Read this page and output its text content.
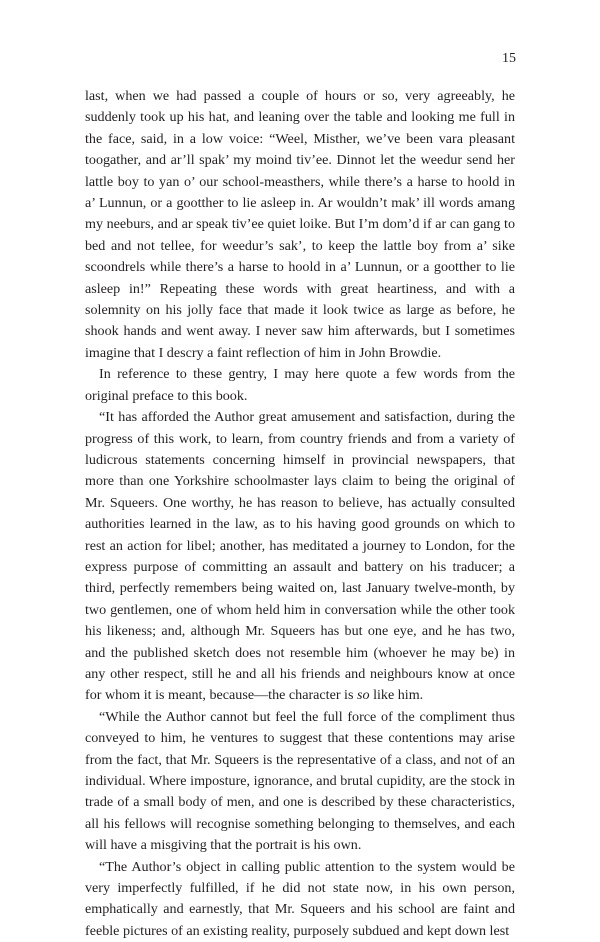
15

last, when we had passed a couple of hours or so, very agreeably, he suddenly took up his hat, and leaning over the table and looking me full in the face, said, in a low voice: “Weel, Misther, we’ve been vara pleasant toogather, and ar’ll spak’ my moind tiv’ee. Dinnot let the weedur send her lattle boy to yan o’ our school-measthers, while there’s a harse to hoold in a’ Lunnun, or a gootther to lie asleep in. Ar wouldn’t mak’ ill words amang my neeburs, and ar speak tiv’ee quiet loike. But I’m dom’d if ar can gang to bed and not tellee, for weedur’s sak’, to keep the lattle boy from a’ sike scoondrels while there’s a harse to hoold in a’ Lunnun, or a gootther to lie asleep in!” Repeating these words with great heartiness, and with a solemnity on his jolly face that made it look twice as large as before, he shook hands and went away. I never saw him afterwards, but I sometimes imagine that I descry a faint reflection of him in John Browdie.

In reference to these gentry, I may here quote a few words from the original preface to this book.

“It has afforded the Author great amusement and satisfaction, during the progress of this work, to learn, from country friends and from a variety of ludicrous statements concerning himself in provincial newspapers, that more than one Yorkshire schoolmaster lays claim to being the original of Mr. Squeers. One worthy, he has reason to believe, has actually consulted authorities learned in the law, as to his having good grounds on which to rest an action for libel; another, has meditated a journey to London, for the express purpose of committing an assault and battery on his traducer; a third, perfectly remembers being waited on, last January twelve-month, by two gentlemen, one of whom held him in conversation while the other took his likeness; and, although Mr. Squeers has but one eye, and he has two, and the published sketch does not resemble him (whoever he may be) in any other respect, still he and all his friends and neighbours know at once for whom it is meant, because—the character is so like him.

“While the Author cannot but feel the full force of the compliment thus conveyed to him, he ventures to suggest that these contentions may arise from the fact, that Mr. Squeers is the representative of a class, and not of an individual. Where imposture, ignorance, and brutal cupidity, are the stock in trade of a small body of men, and one is described by these characteristics, all his fellows will recognise something belonging to themselves, and each will have a misgiving that the portrait is his own.

“The Author’s object in calling public attention to the system would be very imperfectly fulfilled, if he did not state now, in his own person, emphatically and earnestly, that Mr. Squeers and his school are faint and feeble pictures of an existing reality, purposely subdued and kept down lest
